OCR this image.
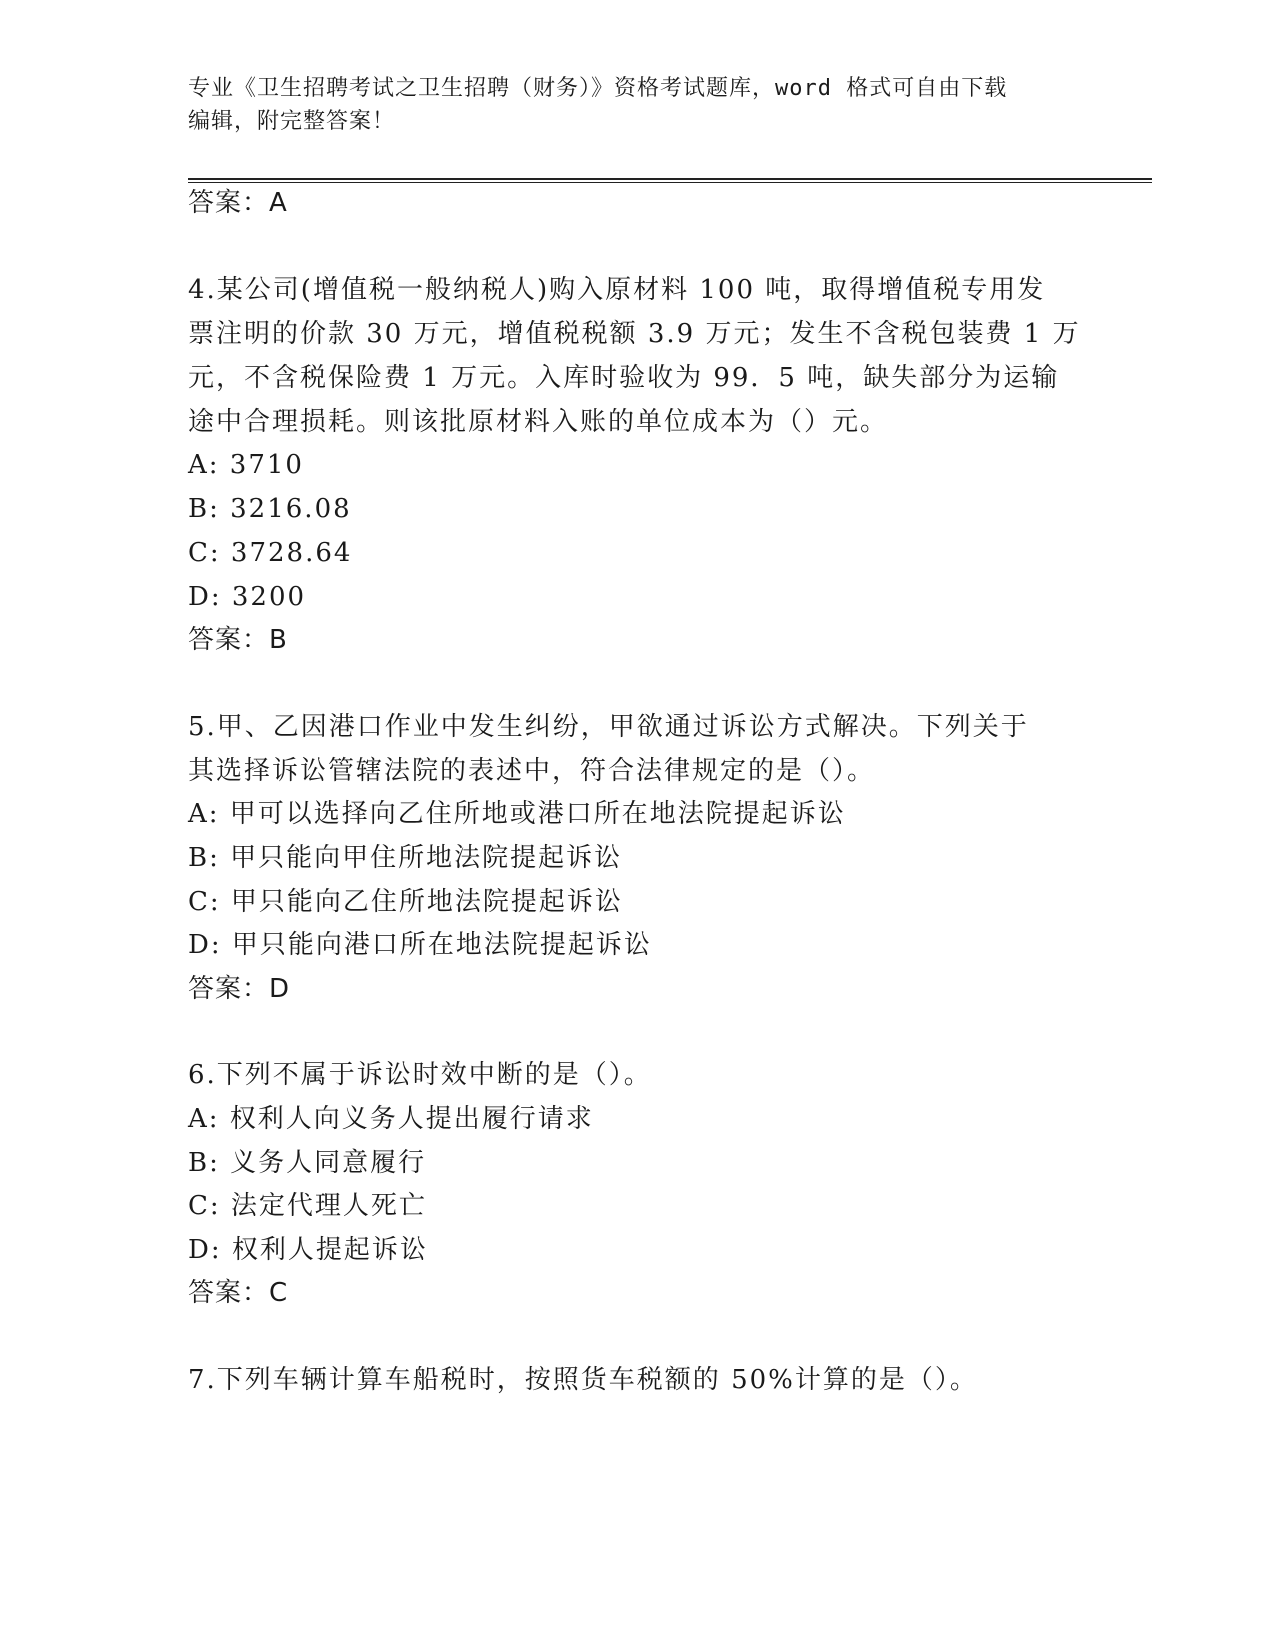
专业《卫生招聘考试之卫生招聘（财务）》资格考试题库，word 格式可自由下载
编辑，附完整答案！
答案：A
4.某公司(增值税一般纳税人)购入原材料 100 吨，取得增值税专用发
票注明的价款 30 万元，增值税税额 3.9 万元；发生不含税包装费 1 万
元，不含税保险费 1 万元。入库时验收为 99．5 吨，缺失部分为运输
途中合理损耗。则该批原材料入账的单位成本为（）元。
A: 3710
B: 3216.08
C: 3728.64
D: 3200
答案：B
5.甲、乙因港口作业中发生纠纷，甲欲通过诉讼方式解决。下列关于
其选择诉讼管辖法院的表述中，符合法律规定的是（）。
A: 甲可以选择向乙住所地或港口所在地法院提起诉讼
B: 甲只能向甲住所地法院提起诉讼
C: 甲只能向乙住所地法院提起诉讼
D: 甲只能向港口所在地法院提起诉讼
答案：D
6.下列不属于诉讼时效中断的是（）。
A: 权利人向义务人提出履行请求
B: 义务人同意履行
C: 法定代理人死亡
D: 权利人提起诉讼
答案：C
7.下列车辆计算车船税时，按照货车税额的 50%计算的是（）。
